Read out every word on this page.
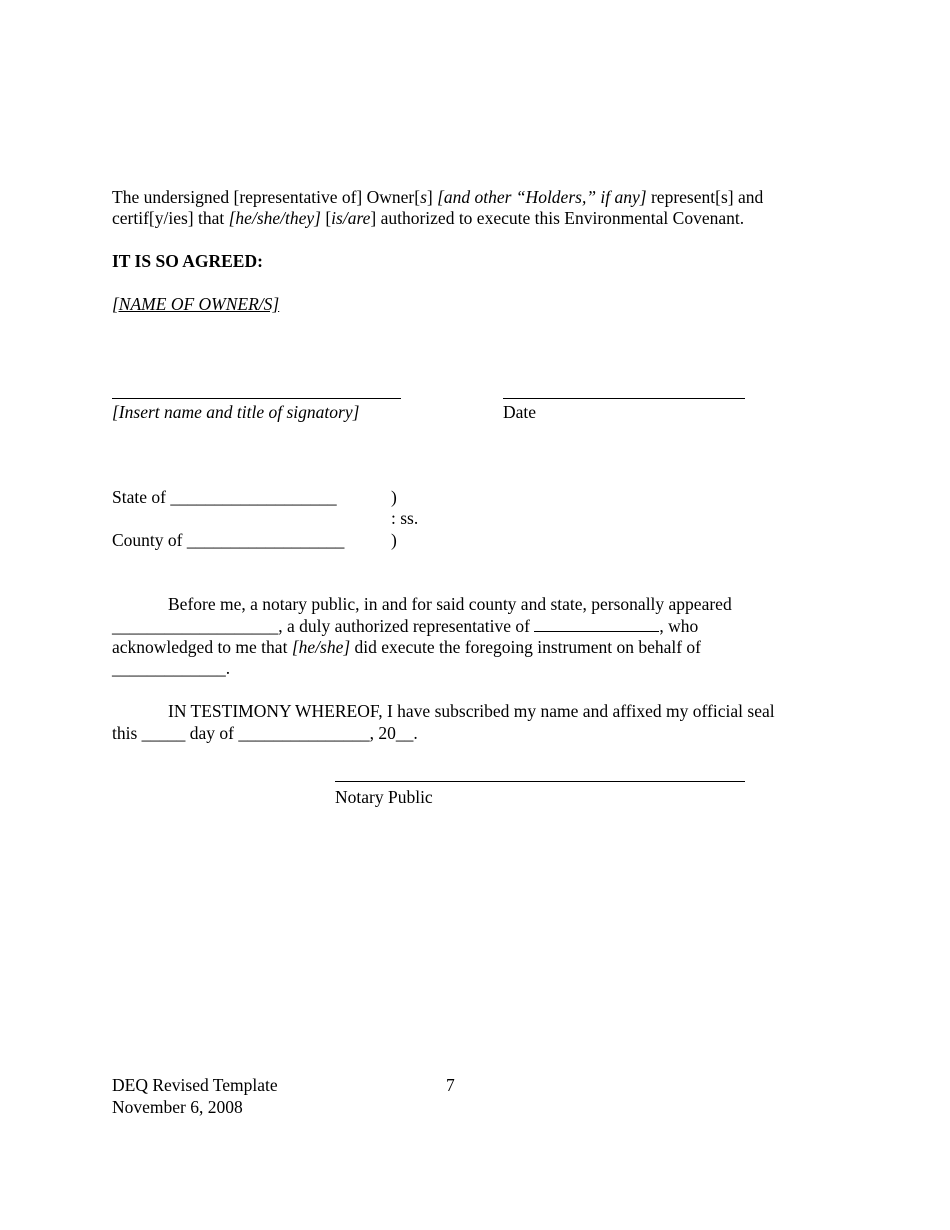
The undersigned [representative of] Owner[s] [and other “Holders,” if any] represent[s] and
certif[y/ies] that [he/she/they] [is/are] authorized to execute this Environmental Covenant.
IT IS SO AGREED:
[NAME OF OWNER/S]
[Insert name and title of signatory]	Date
State of ___________________	)
: ss.
County of __________________	)
Before me, a notary public, in and for said county and state, personally appeared
___________________, a duly authorized representative of	, who
acknowledged to me that [he/she] did execute the foregoing instrument on behalf of
_____________.
IN TESTIMONY WHEREOF, I have subscribed my name and affixed my official seal
this _____ day of _______________, 20__.
Notary Public
DEQ Revised Template	7
November 6, 2008
